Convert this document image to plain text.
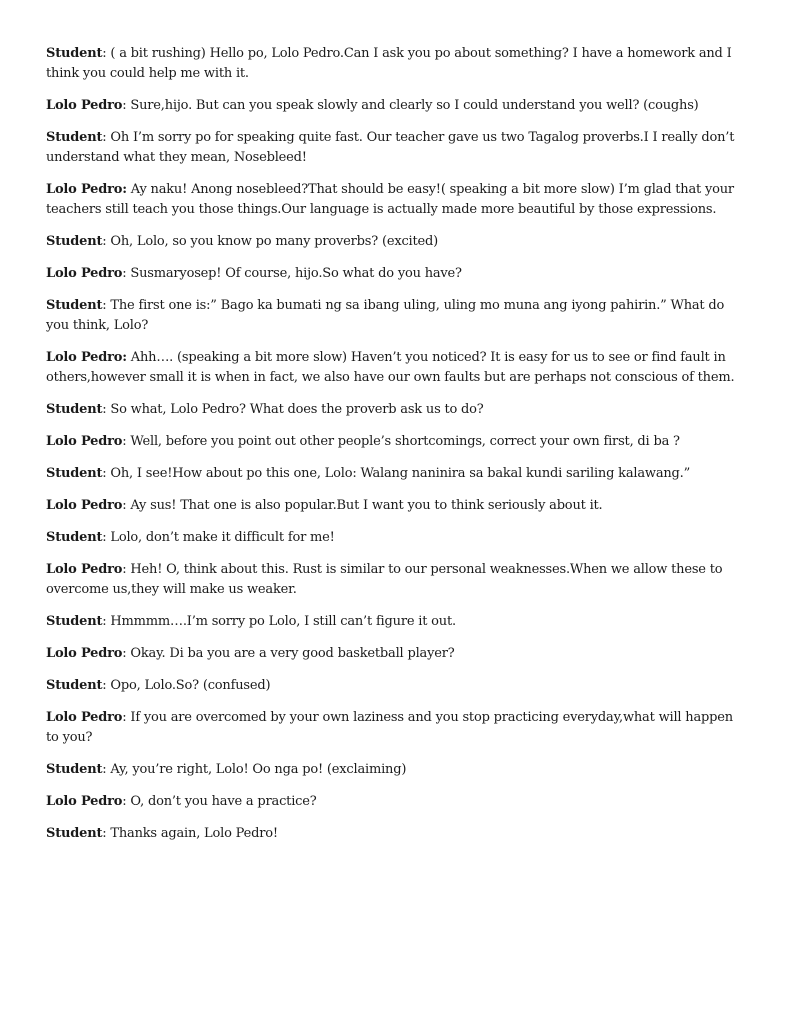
Student: ( a bit rushing) Hello po, Lolo Pedro.Can I ask you po about something? I have a homework and I think you could help me with it.

Lolo Pedro: Sure,hijo. But can you speak slowly and clearly so I could understand you well? (coughs)

Student: Oh I’m sorry po for speaking quite fast. Our teacher gave us two Tagalog proverbs.I I really don’t understand what they mean, Nosebleed!

Lolo Pedro: Ay naku! Anong nosebleed?That should be easy!( speaking a bit more slow) I’m glad that your teachers still teach you those things.Our language is actually made more beautiful by those expressions.

Student: Oh, Lolo, so you know po many proverbs? (excited)

Lolo Pedro: Susmaryosep! Of course, hijo.So what do you have?

Student: The first one is:” Bago ka bumati ng sa ibang uling, uling mo muna ang iyong pahirin.” What do you think, Lolo?

Lolo Pedro: Ahh…. (speaking a bit more slow) Haven’t you noticed? It is easy for us to see or find fault in others,however small it is when in fact, we also have our own faults but are perhaps not conscious of them.

Student: So what, Lolo Pedro? What does the proverb ask us to do?

Lolo Pedro: Well, before you point out other people’s shortcomings, correct your own first, di ba ?

Student: Oh, I see!How about po this one, Lolo: Walang naninira sa bakal kundi sariling kalawang.”

Lolo Pedro: Ay sus! That one is also popular.But I want you to think seriously about it.

Student: Lolo, don’t make it difficult for me!

Lolo Pedro: Heh! O, think about this. Rust is similar to our personal weaknesses.When we allow these to overcome us,they will make us weaker.

Student: Hmmmm….I’m sorry po Lolo, I still can’t figure it out.

Lolo Pedro: Okay. Di ba you are a very good basketball player?

Student: Opo, Lolo.So? (confused)

Lolo Pedro: If you are overcomed by your own laziness and you stop practicing everyday,what will happen to you?

Student: Ay, you’re right, Lolo! Oo nga po! (exclaiming)

Lolo Pedro: O, don’t you have a practice?

Student: Thanks again, Lolo Pedro!
